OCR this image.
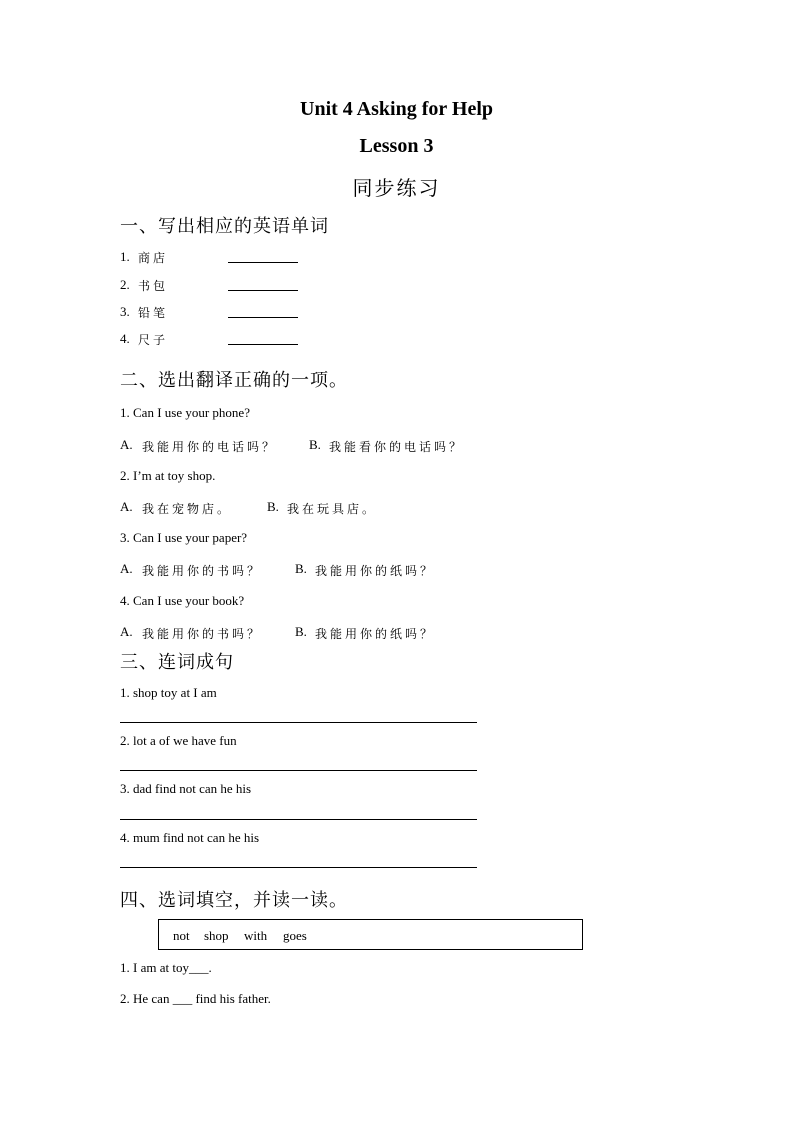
Unit 4 Asking for Help
Lesson 3
同步练习
一、写出相应的英语单词
1. 商店
2. 书包
3. 铅笔
4. 尺子
二、选出翻译正确的一项。
1. Can I use your phone?
A. 我能用你的电话吗？ B. 我能看你的电话吗？
2. I’m at toy shop.
A. 我在宠物店。	B. 我在玩具店。
3. Can I use your paper?
A. 我能用你的书吗？	B. 我能用你的纸吗？
4. Can I use your book?
A. 我能用你的书吗？	B. 我能用你的纸吗？
三、连词成句
1. shop toy at I am
2. lot a of we have fun
3. dad find not can he his
4. mum find not can he his
四、选词填空，并读一读。
not shop with goes
1. I am at toy___.
2. He can ___ find his father.
